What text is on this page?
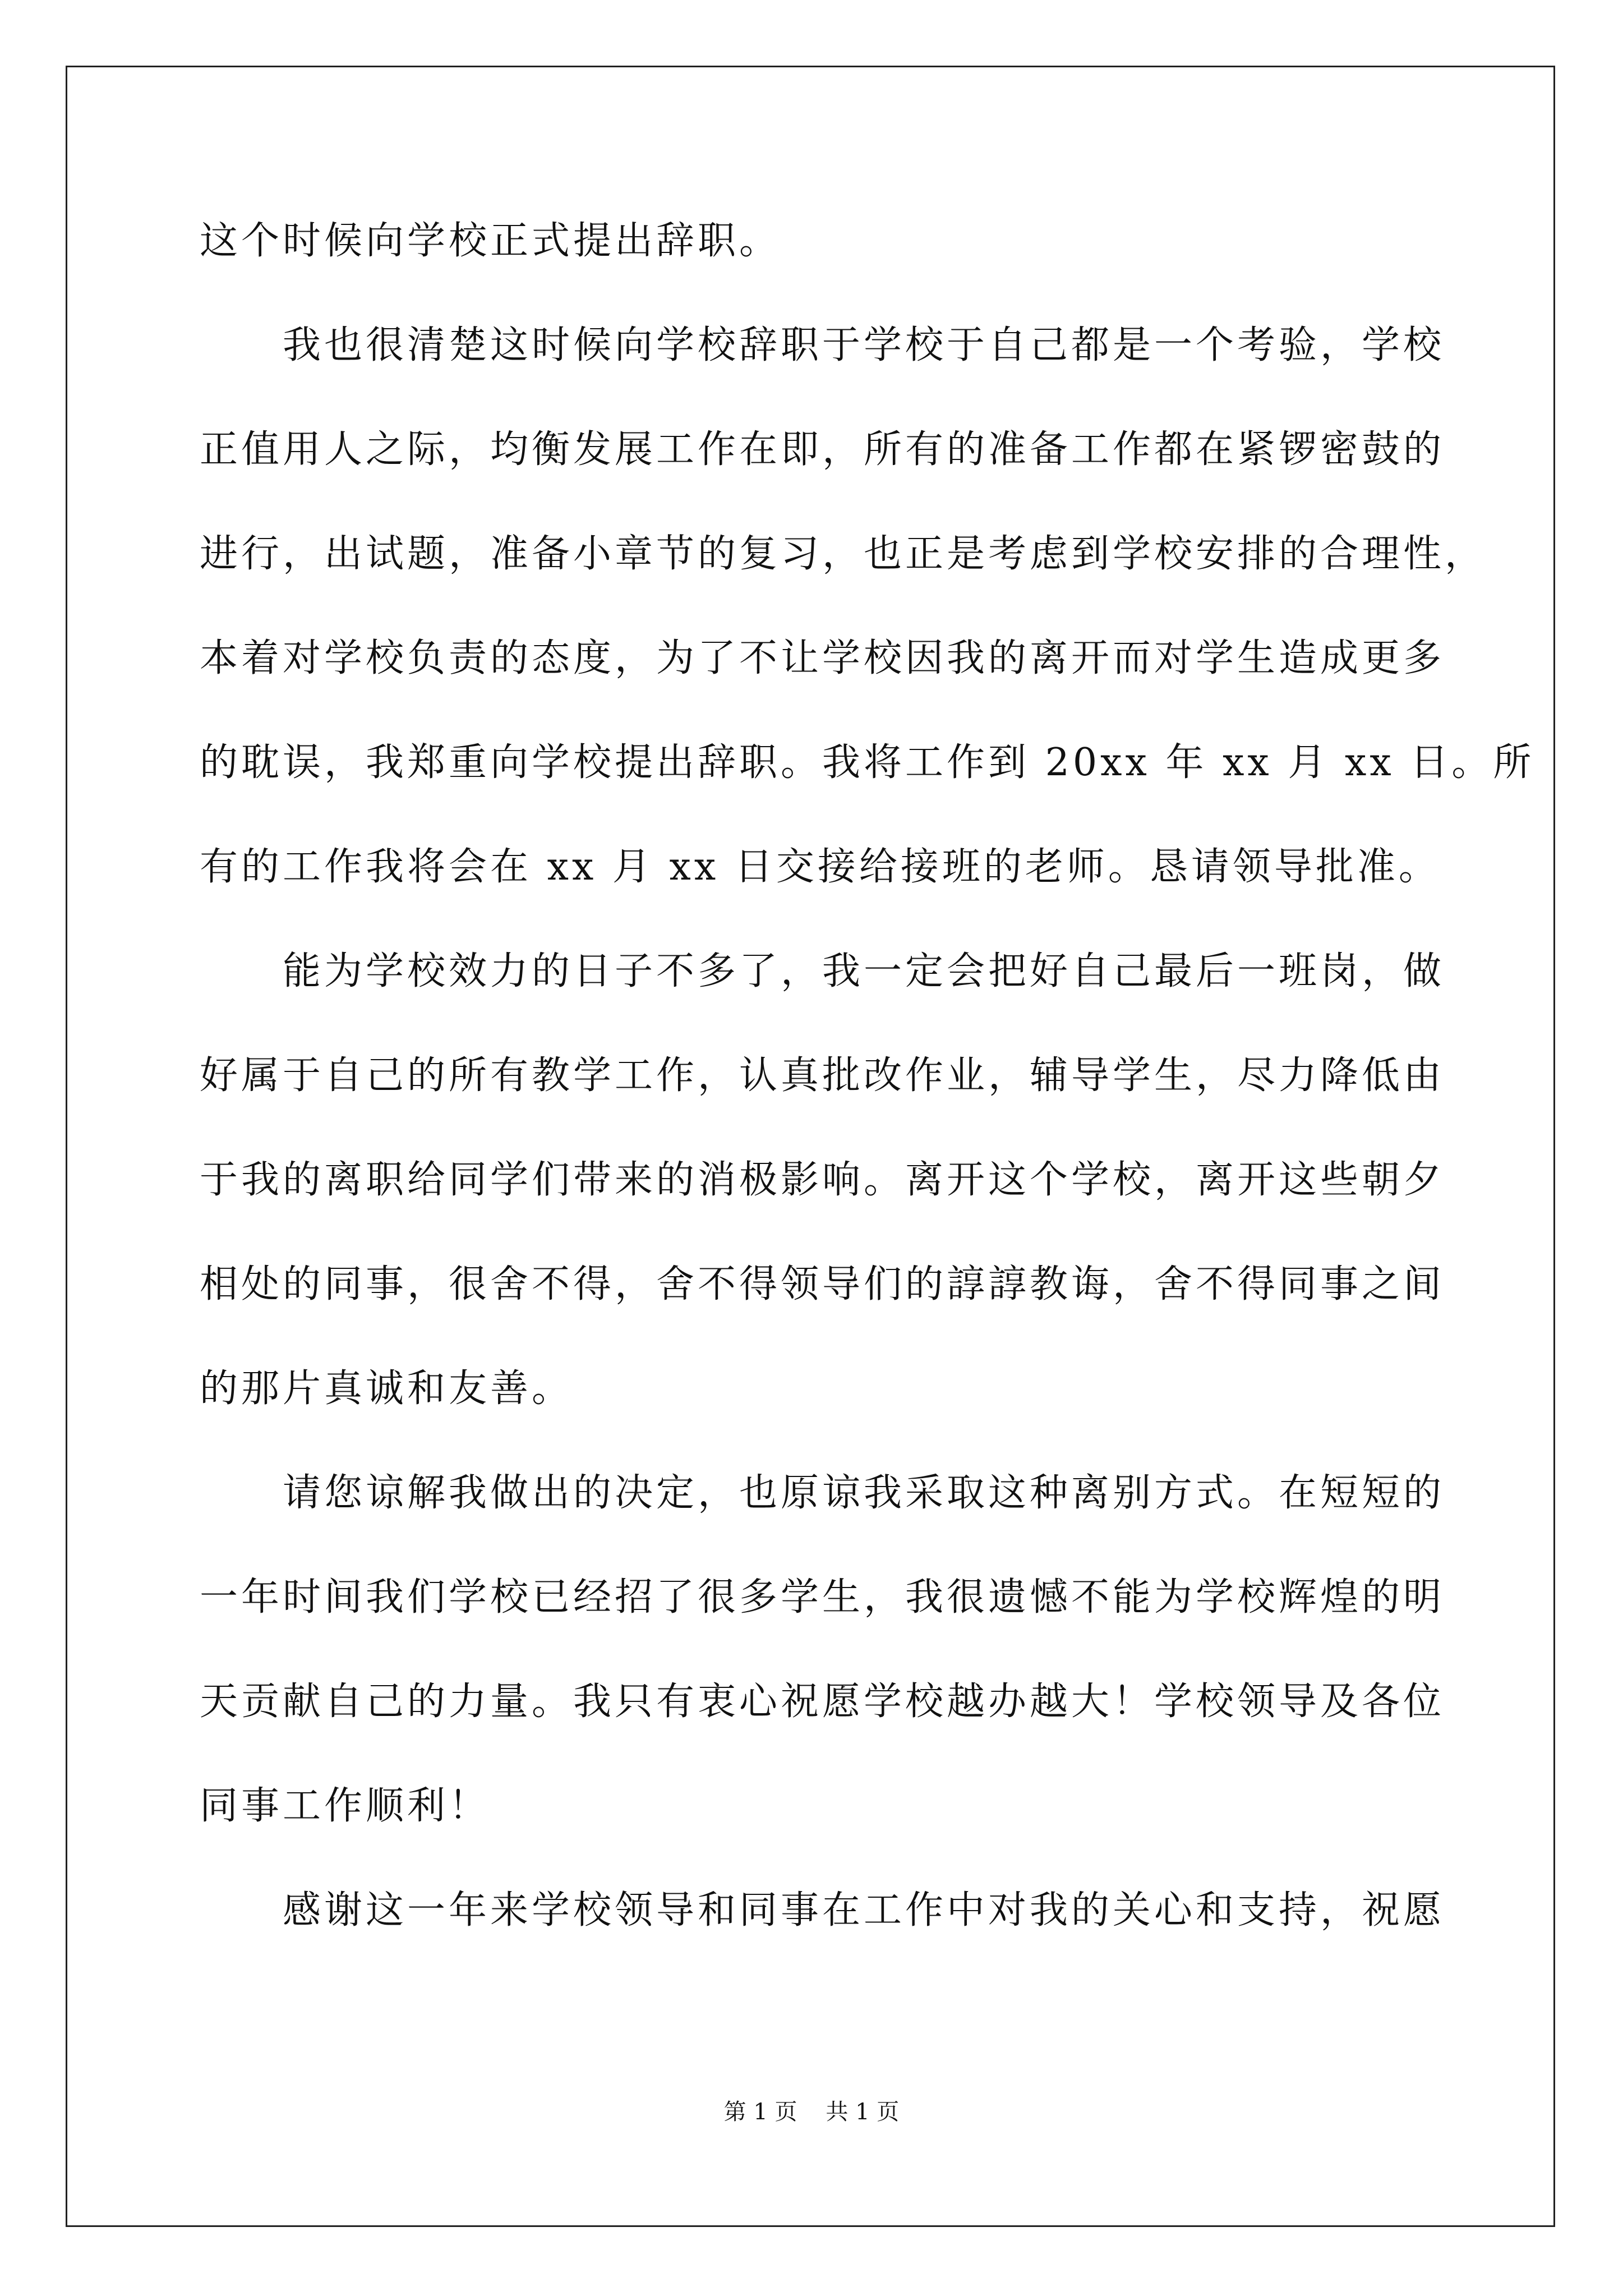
这个时候向学校正式提出辞职。
我也很清楚这时候向学校辞职于学校于自己都是一个考验，学校
正值用人之际，均衡发展工作在即，所有的准备工作都在紧锣密鼓的
进行，出试题，准备小章节的复习，也正是考虑到学校安排的合理性，
本着对学校负责的态度，为了不让学校因我的离开而对学生造成更多
的耽误，我郑重向学校提出辞职。我将工作到 20xx 年 xx 月 xx 日。所
有的工作我将会在 xx 月 xx 日交接给接班的老师。恳请领导批准。
能为学校效力的日子不多了，我一定会把好自己最后一班岗，做
好属于自己的所有教学工作，认真批改作业，辅导学生，尽力降低由
于我的离职给同学们带来的消极影响。离开这个学校，离开这些朝夕
相处的同事，很舍不得，舍不得领导们的諄諄教诲，舍不得同事之间
的那片真诚和友善。
请您谅解我做出的决定，也原谅我采取这种离别方式。在短短的
一年时间我们学校已经招了很多学生，我很遗憾不能为学校辉煌的明
天贡献自己的力量。我只有衷心祝愿学校越办越大！学校领导及各位
同事工作顺利！
感谢这一年来学校领导和同事在工作中对我的关心和支持，祝愿
第 1 页 共 1 页
